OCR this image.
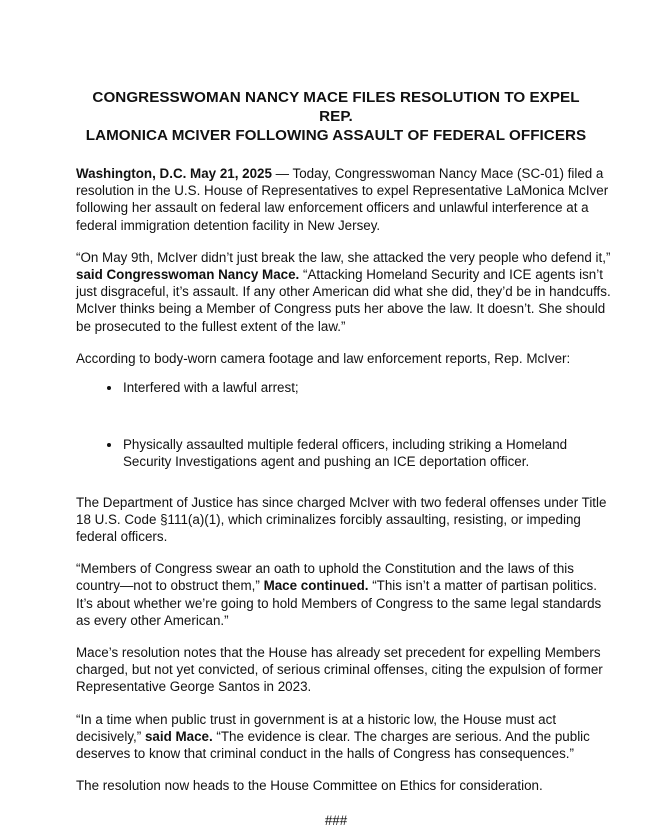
CONGRESSWOMAN NANCY MACE FILES RESOLUTION TO EXPEL REP.
LAMONICA MCIVER FOLLOWING ASSAULT OF FEDERAL OFFICERS

Washington, D.C. May 21, 2025 — Today, Congresswoman Nancy Mace (SC-01) filed a
resolution in the U.S. House of Representatives to expel Representative LaMonica McIver
following her assault on federal law enforcement officers and unlawful interference at a
federal immigration detention facility in New Jersey.

“On May 9th, McIver didn’t just break the law, she attacked the very people who defend it,”
said Congresswoman Nancy Mace. “Attacking Homeland Security and ICE agents isn’t
just disgraceful, it’s assault. If any other American did what she did, they’d be in handcuffs.
McIver thinks being a Member of Congress puts her above the law. It doesn’t. She should
be prosecuted to the fullest extent of the law.”

According to body-worn camera footage and law enforcement reports, Rep. McIver:

Interfered with a lawful arrest;
Physically assaulted multiple federal officers, including striking a Homeland
Security Investigations agent and pushing an ICE deportation officer.

The Department of Justice has since charged McIver with two federal offenses under Title
18 U.S. Code §111(a)(1), which criminalizes forcibly assaulting, resisting, or impeding
federal officers.

“Members of Congress swear an oath to uphold the Constitution and the laws of this
country—not to obstruct them,” Mace continued. “This isn’t a matter of partisan politics.
It’s about whether we’re going to hold Members of Congress to the same legal standards
as every other American.”

Mace’s resolution notes that the House has already set precedent for expelling Members
charged, but not yet convicted, of serious criminal offenses, citing the expulsion of former
Representative George Santos in 2023.

“In a time when public trust in government is at a historic low, the House must act
decisively,” said Mace. “The evidence is clear. The charges are serious. And the public
deserves to know that criminal conduct in the halls of Congress has consequences.”

The resolution now heads to the House Committee on Ethics for consideration.

###
